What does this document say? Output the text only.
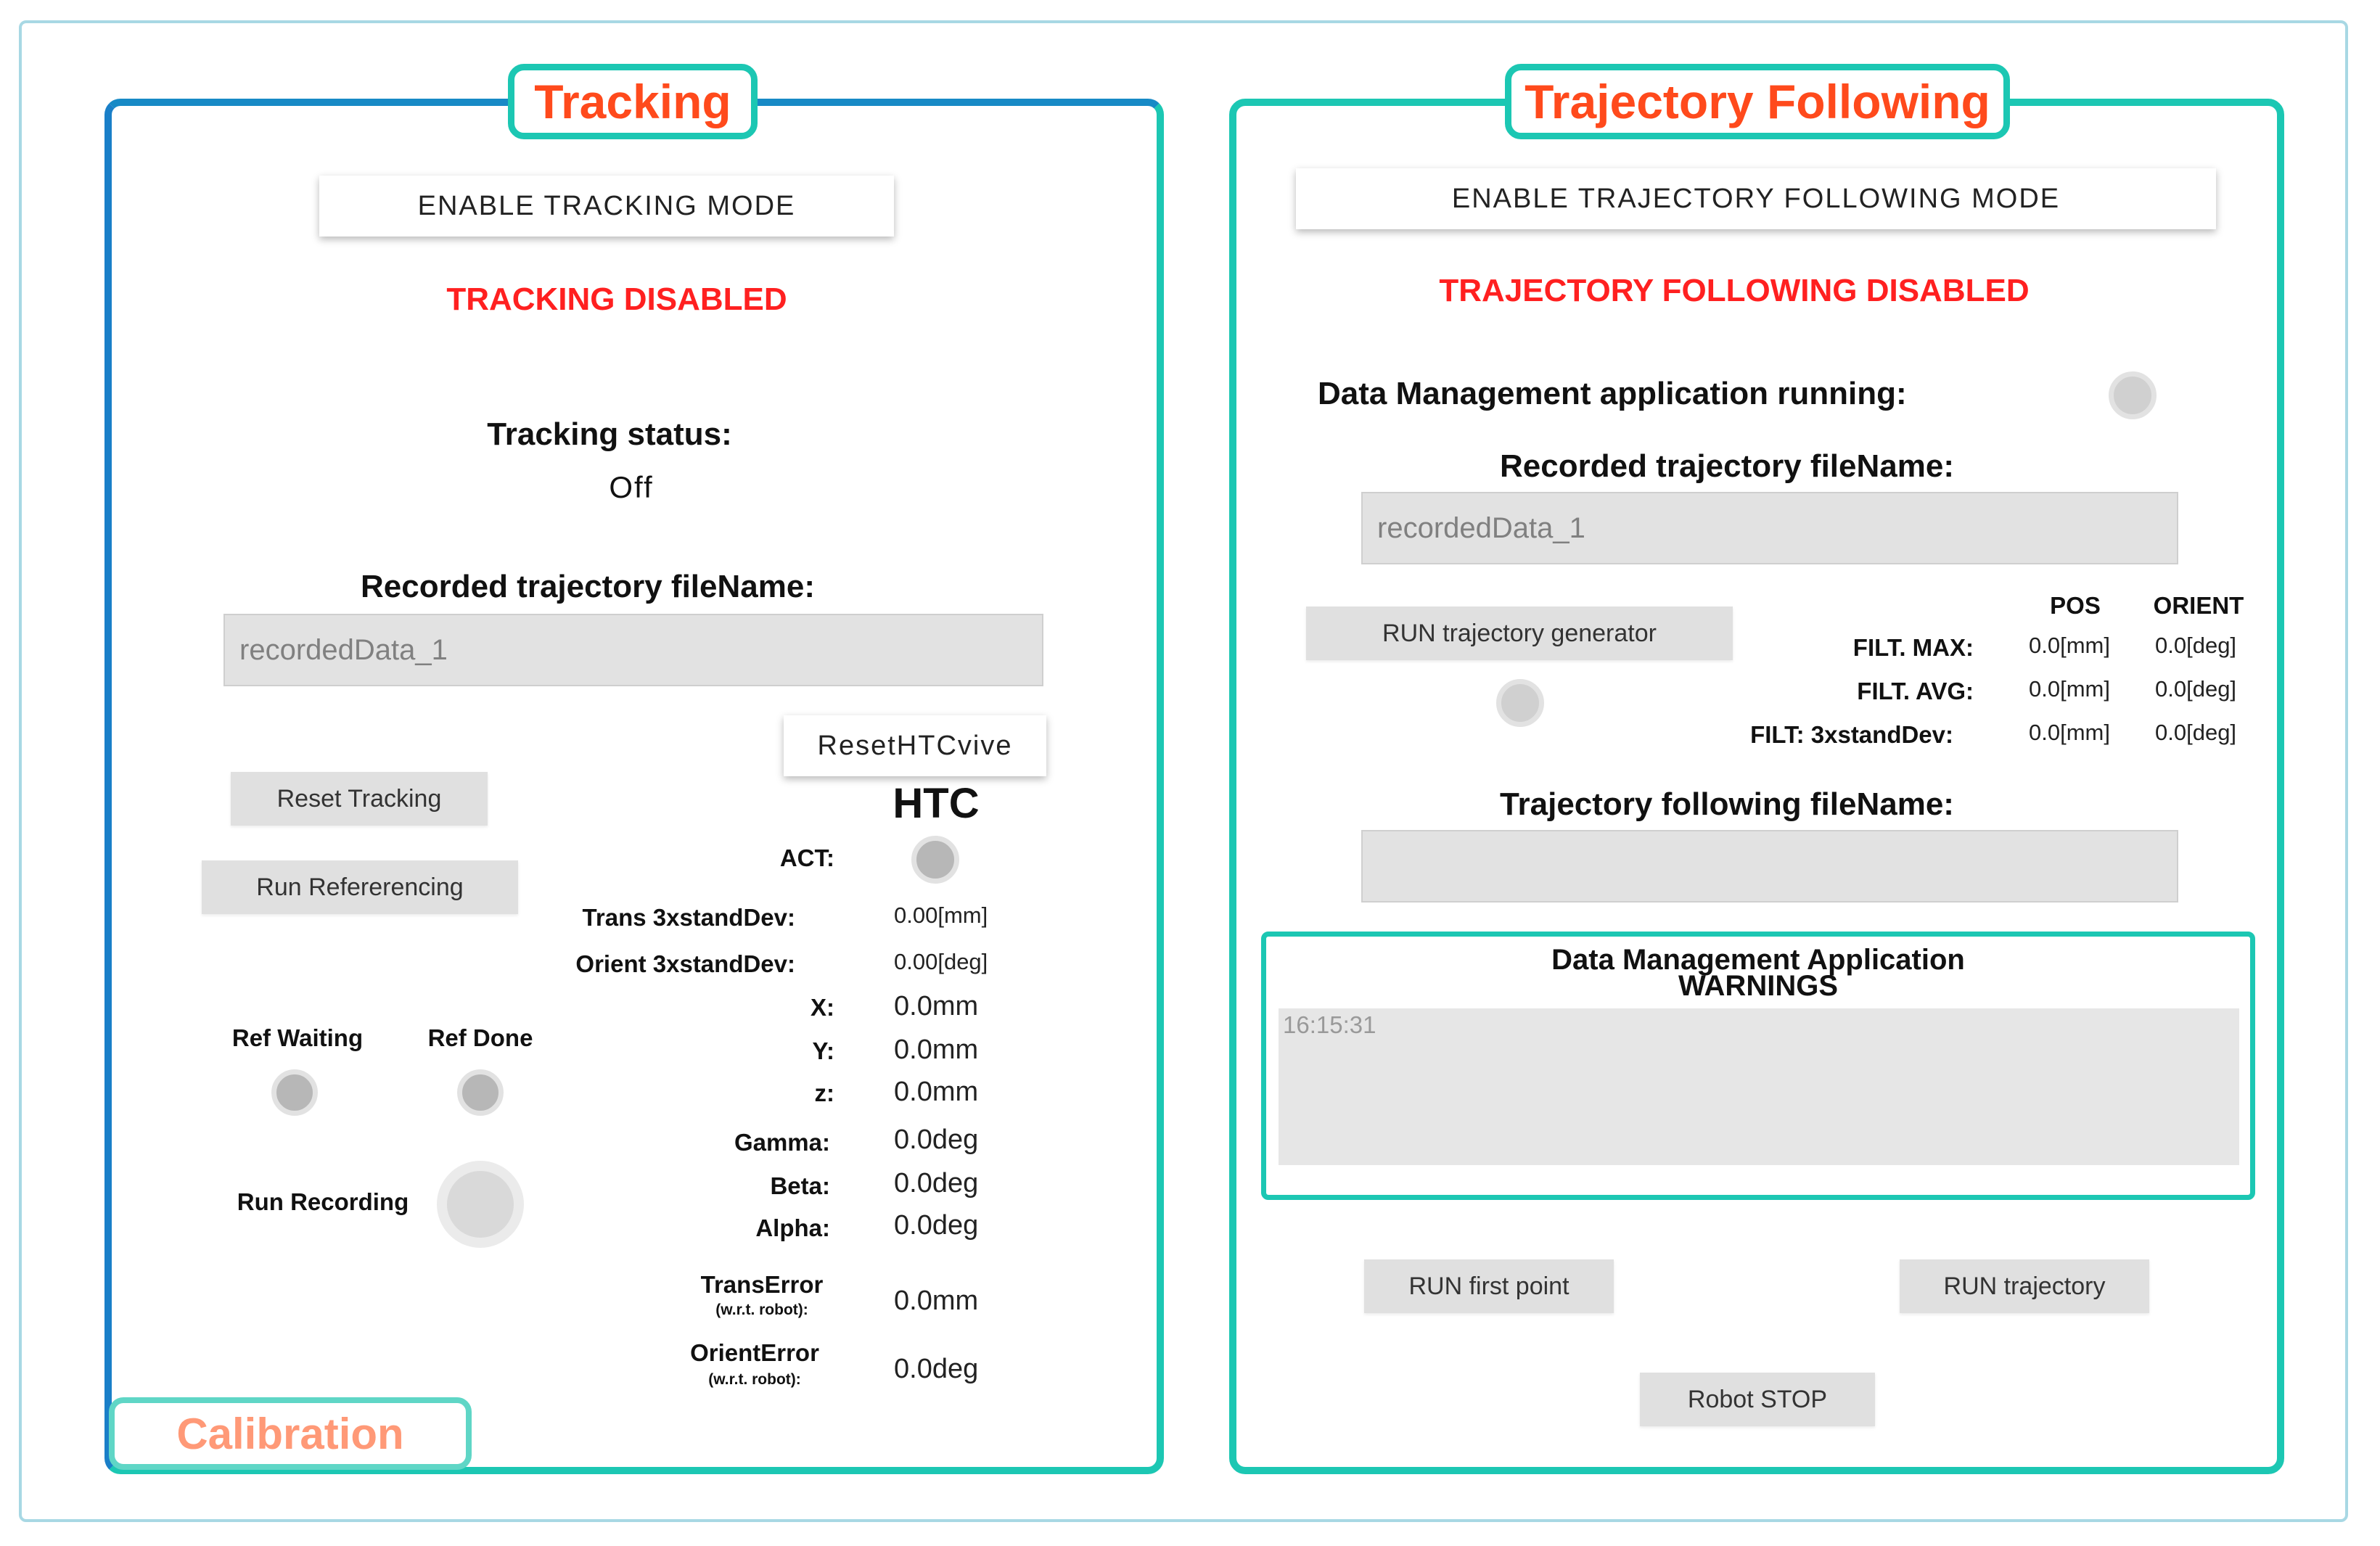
Tracking
ENABLE TRACKING MODE
TRACKING DISABLED
Tracking status:
Off
Recorded trajectory fileName:
recordedData_1
ResetHTCvive
Reset Tracking
Run Refererencing
Ref Waiting	Ref Done
Run Recording
HTC
ACT:
Trans 3xstandDev:	0.00[mm]
Orient 3xstandDev:	0.00[deg]
X: 0.0mm
Y: 0.0mm
z: 0.0mm
Gamma: 0.0deg
Beta: 0.0deg
Alpha: 0.0deg
TransError
(w.r.t. robot):	0.0mm
OrientError
(w.r.t. robot):	0.0deg
Calibration
Trajectory Following
ENABLE TRAJECTORY FOLLOWING MODE
TRAJECTORY FOLLOWING DISABLED
Data Management application running:
Recorded trajectory fileName:
recordedData_1
RUN trajectory generator
POS	ORIENT
FILT. MAX: 0.0[mm] 0.0[deg]
FILT. AVG: 0.0[mm] 0.0[deg]
FILT: 3xstandDev:	0.0[mm] 0.0[deg]
Trajectory following fileName:
Data Management Application
WARNINGS
16:15:31
RUN first point	RUN trajectory
Robot STOP
